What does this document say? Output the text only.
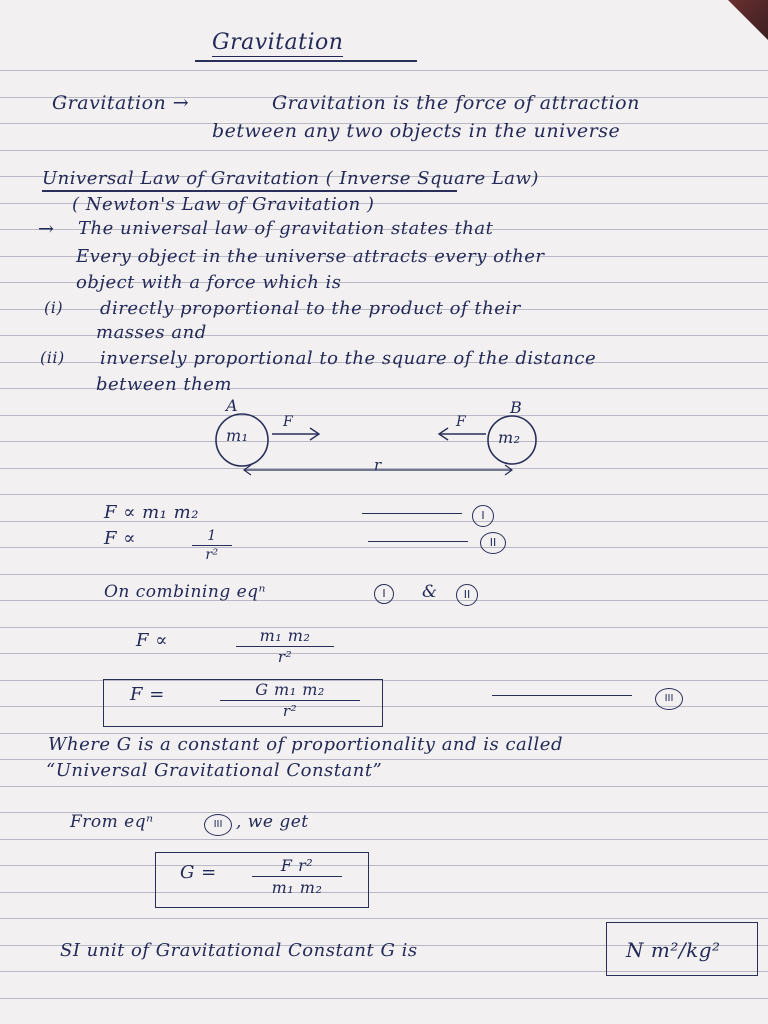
Gravitation
Gravitation →	Gravitation is the force of attraction
between any two objects in the universe
Universal Law of Gravitation ( Inverse Square Law)
( Newton's Law of Gravitation )
→ The universal law of gravitation states that
Every object in the universe attracts every other
object with a force which is
(i) directly proportional to the product of their
masses and
(ii) inversely proportional to the square of the distance
between them
A	B
m₁	m₂
F	F
r
F ∝ m₁ m₂	I
F ∝	1
r²
II
On combining eqⁿ	I	&	II
F ∝	m₁ m₂
r²
F =	G m₁ m₂
r²
III
Where G is a constant of proportionality and is called
“Universal Gravitational Constant”
From eqⁿ	III , we get
G =	F r²
m₁ m₂
SI unit of Gravitational Constant G is	N m²/kg²
